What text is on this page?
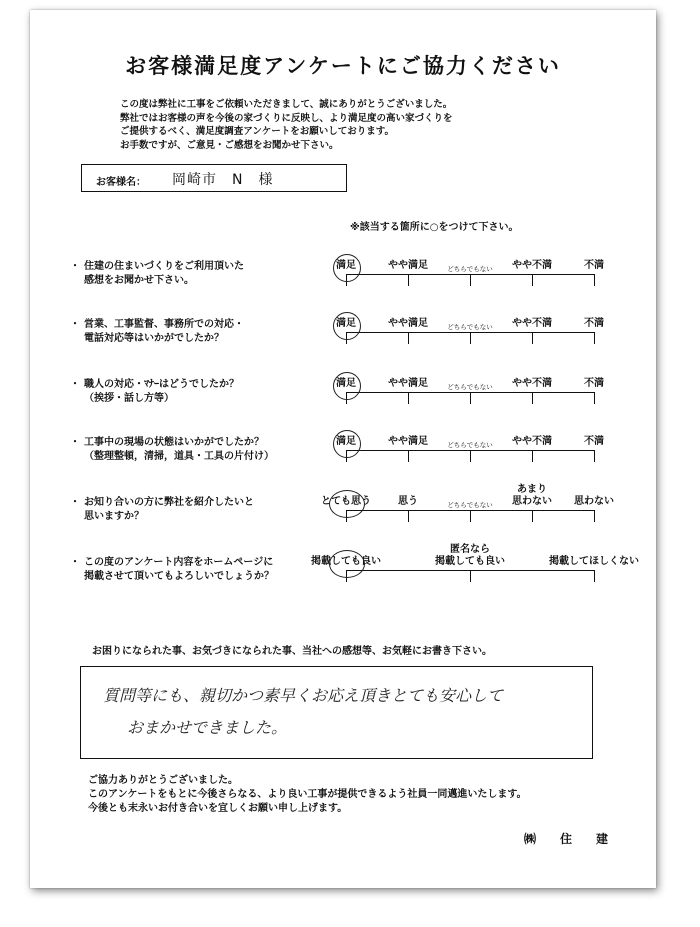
お客様満足度アンケートにご協力ください
この度は弊社に工事をご依頼いただきまして、誠にありがとうございました。
弊社ではお客様の声を今後の家づくりに反映し、より満足度の高い家づくりを
ご提供するべく、満足度調査アンケートをお願いしております。
お手数ですが、ご意見・ご感想をお聞かせ下さい。
お客様名： 岡崎市　N　様
※該当する箇所に○をつけて下さい。
・ 住建の住まいづくりをご利用頂いた
感想をお聞かせ下さい。
満足	やや満足	どちらでもない やや不満	不満
・ 営業、工事監督、事務所での対応・
電話対応等はいかがでしたか？
満足	やや満足	どちらでもない やや不満	不満
・ 職人の対応・ﾏﾅｰはどうでしたか？
（挨拶・話し方等）
満足	やや満足	どちらでもない やや不満	不満
・ 工事中の現場の状態はいかがでしたか？
（整理整頓，清掃，道具・工具の片付け）
満足	やや満足	どちらでもない やや不満	不満
・ お知り合いの方に弊社を紹介したいと
思いますか？
とても思う	思う	どちらでもない
あまり
思わない 思わない
・ この度のアンケート内容をホームページに
掲載させて頂いてもよろしいでしょうか？
掲載しても良い
匿名なら
掲載しても良い	掲載してほしくない
お困りになられた事、お気づきになられた事、当社への感想等、お気軽にお書き下さい。
質問等にも、親切かつ素早くお応え頂きとても安心して
おまかせできました。
ご協力ありがとうございました。
このアンケートをもとに今後さらなる、より良い工事が提供できるよう社員一同邁進いたします。
今後とも末永いお付き合いを宜しくお願い申し上げます。
㈱　住　建
